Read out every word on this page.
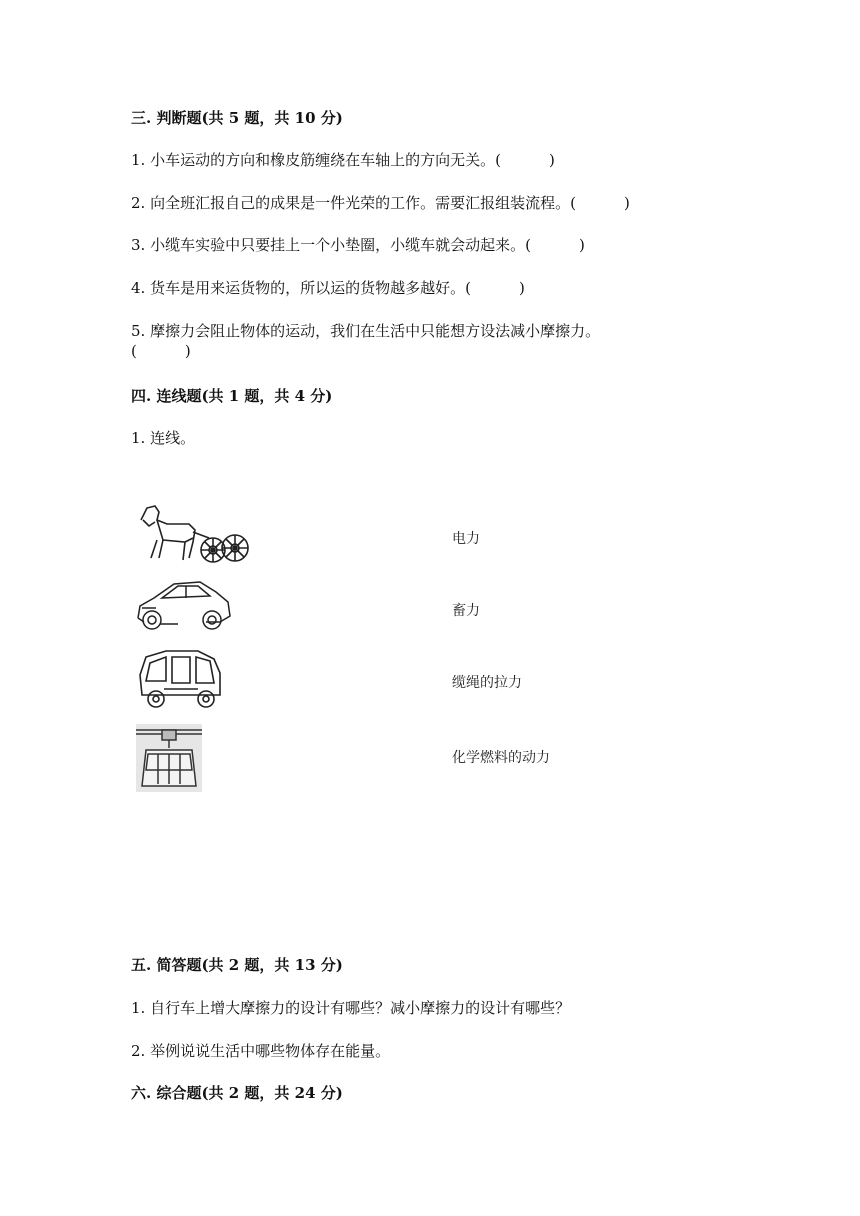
三. 判断题(共 5 题，共 10 分)
1. 小车运动的方向和橡皮筋缠绕在车轴上的方向无关。(	)
2. 向全班汇报自己的成果是一件光荣的工作。需要汇报组装流程。(	)
3. 小缆车实验中只要挂上一个小垫圈，小缆车就会动起来。(	)
4. 货车是用来运货物的，所以运的货物越多越好。(	)
5. 摩擦力会阻止物体的运动，我们在生活中只能想方设法减小摩擦力。
(	)
四. 连线题(共 1 题，共 4 分)
1. 连线。
电力
畜力
缆绳的拉力
化学燃料的动力
五. 简答题(共 2 题，共 13 分)
1. 自行车上增大摩擦力的设计有哪些？减小摩擦力的设计有哪些？
2. 举例说说生活中哪些物体存在能量。
六. 综合题(共 2 题，共 24 分)
